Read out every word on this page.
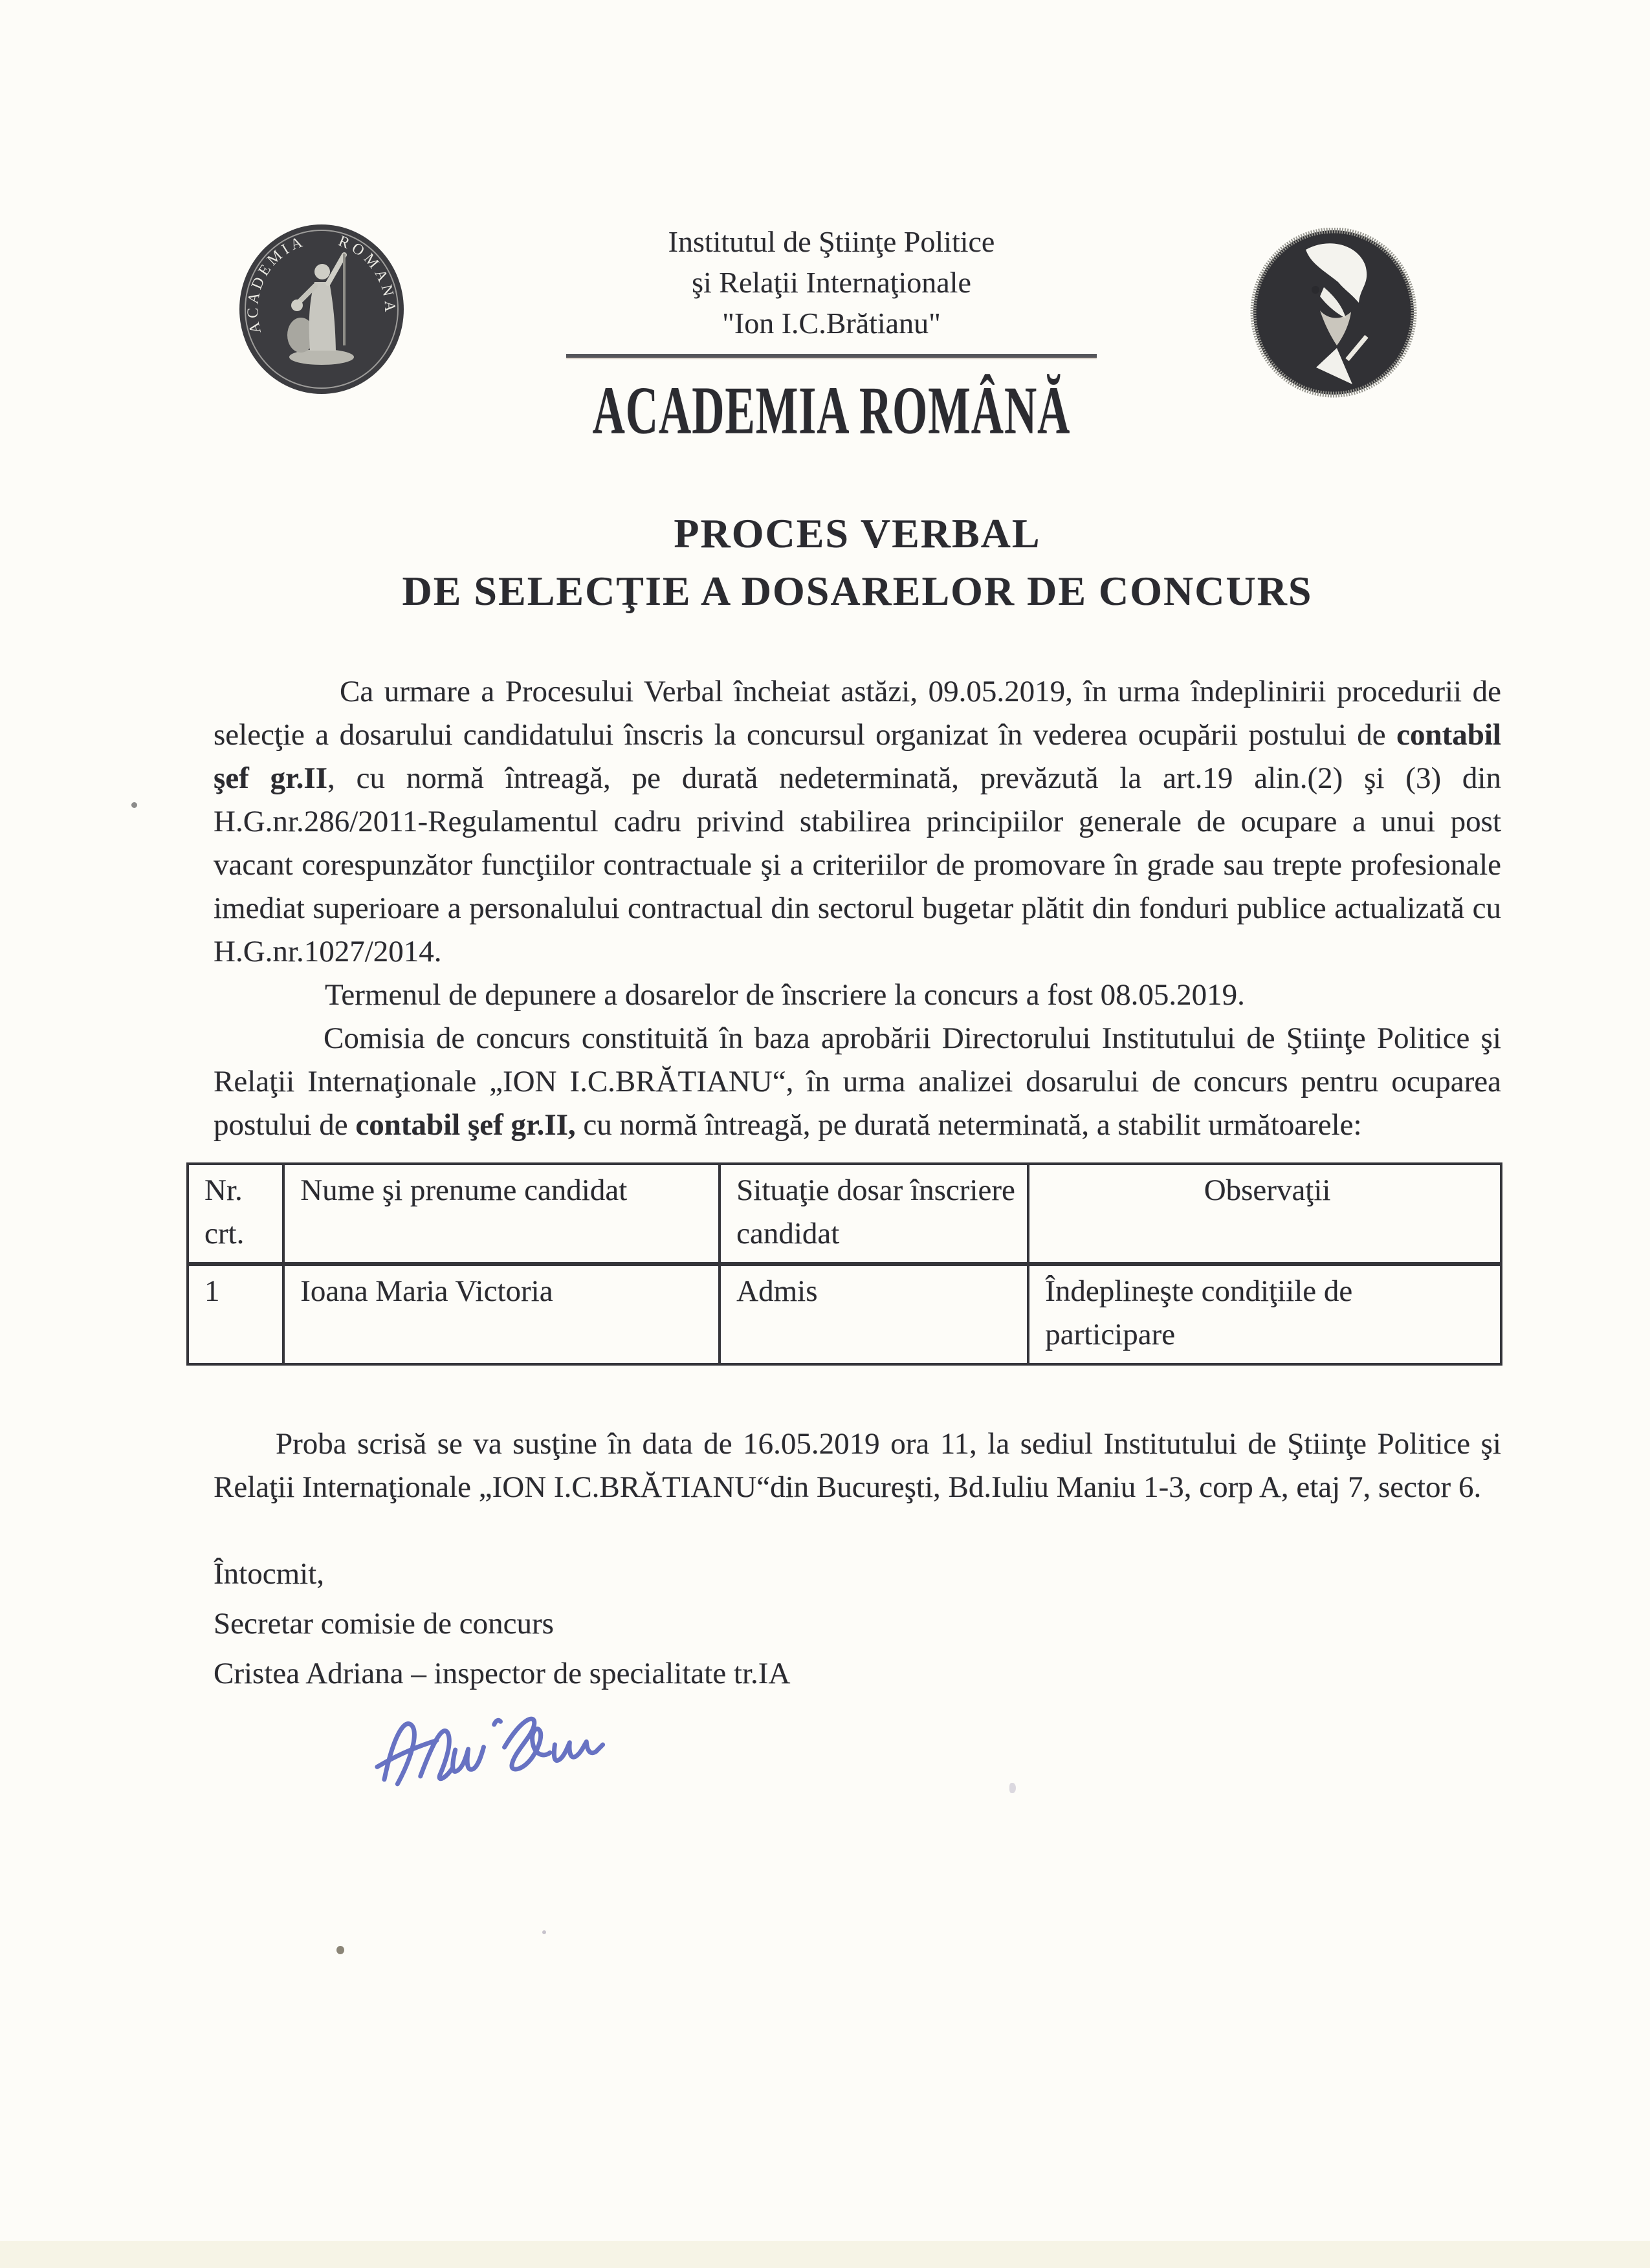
ACADEMIA ROMANA
Institutul de Ştiinţe Politice
şi Relaţii Internaţionale
"Ion I.C.Brătianu"
ACADEMIA ROMÂNĂ
PROCES VERBAL
DE SELECŢIE A DOSARELOR DE CONCURS

Ca urmare a Procesului Verbal încheiat astăzi, 09.05.2019, în urma îndeplinirii procedurii de selecţie a dosarului candidatului înscris la concursul organizat în vederea ocupării postului de contabil şef gr.II, cu normă întreagă, pe durată nedeterminată, prevăzută la art.19 alin.(2) şi (3) din H.G.nr.286/2011-Regulamentul cadru privind stabilirea principiilor generale de ocupare a unui post vacant corespunzător funcţiilor contractuale şi a criteriilor de promovare în grade sau trepte profesionale imediat superioare a personalului contractual din sectorul bugetar plătit din fonduri publice actualizată cu H.G.nr.1027/2014.

Termenul de depunere a dosarelor de înscriere la concurs a fost 08.05.2019.

Comisia de concurs constituită în baza aprobării Directorului Institutului de Ştiinţe Politice şi Relaţii Internaţionale „ION I.C.BRĂTIANU“, în urma analizei dosarului de concurs pentru ocuparea postului de contabil şef gr.II, cu normă întreagă, pe durată neterminată, a stabilit următoarele:

Nr. crt.	Nume şi prenume candidat	Situaţie dosar înscriere candidat	Observaţii
1	Ioana Maria Victoria	Admis	Îndeplineşte condiţiile de participare

Proba scrisă se va susţine în data de 16.05.2019 ora 11, la sediul Institutului de Ştiinţe Politice şi Relaţii Internaţionale „ION I.C.BRĂTIANU“din Bucureşti, Bd.Iuliu Maniu 1-3, corp A, etaj 7, sector 6.

Întocmit,
Secretar comisie de concurs
Cristea Adriana – inspector de specialitate tr.IA
